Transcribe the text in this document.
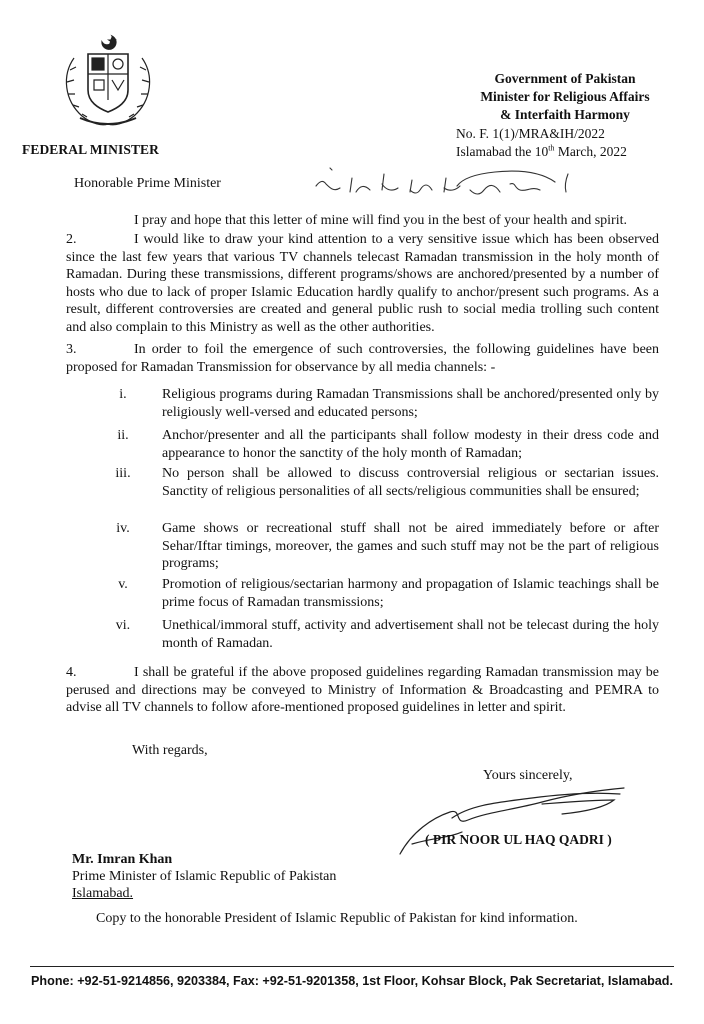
FEDERAL MINISTER
Government of Pakistan
Minister for Religious Affairs
& Interfaith Harmony
No. F. 1(1)/MRA&IH/2022
Islamabad the 10th March, 2022
Honorable Prime Minister
I pray and hope that this letter of mine will find you in the best of your health and spirit.
2.	I would like to draw your kind attention to a very sensitive issue which has been observed since the last few years that various TV channels telecast Ramadan transmission in the holy month of Ramadan. During these transmissions, different programs/shows are anchored/presented by a number of hosts who due to lack of proper Islamic Education hardly qualify to anchor/present such programs. As a result, different controversies are created and general public rush to social media trolling such content and also complain to this Ministry as well as the other authorities.
3.	In order to foil the emergence of such controversies, the following guidelines have been proposed for Ramadan Transmission for observance by all media channels: -
i.	Religious programs during Ramadan Transmissions shall be anchored/presented only by religiously well-versed and educated persons;
ii.	Anchor/presenter and all the participants shall follow modesty in their dress code and appearance to honor the sanctity of the holy month of Ramadan;
iii.	No person shall be allowed to discuss controversial religious or sectarian issues. Sanctity of religious personalities of all sects/religious communities shall be ensured;
iv.	Game shows or recreational stuff shall not be aired immediately before or after Sehar/Iftar timings, moreover, the games and such stuff may not be the part of religious programs;
v.	Promotion of religious/sectarian harmony and propagation of Islamic teachings shall be prime focus of Ramadan transmissions;
vi.	Unethical/immoral stuff, activity and advertisement shall not be telecast during the holy month of Ramadan.
4.	I shall be grateful if the above proposed guidelines regarding Ramadan transmission may be perused and directions may be conveyed to Ministry of Information & Broadcasting and PEMRA to advise all TV channels to follow afore-mentioned proposed guidelines in letter and spirit.
With regards,
Yours sincerely,
( PIR NOOR UL HAQ QADRI )
Mr. Imran Khan
Prime Minister of Islamic Republic of Pakistan
Islamabad.
Copy to the honorable President of Islamic Republic of Pakistan for kind information.
Phone: +92-51-9214856, 9203384, Fax: +92-51-9201358, 1st Floor, Kohsar Block, Pak Secretariat, Islamabad.
